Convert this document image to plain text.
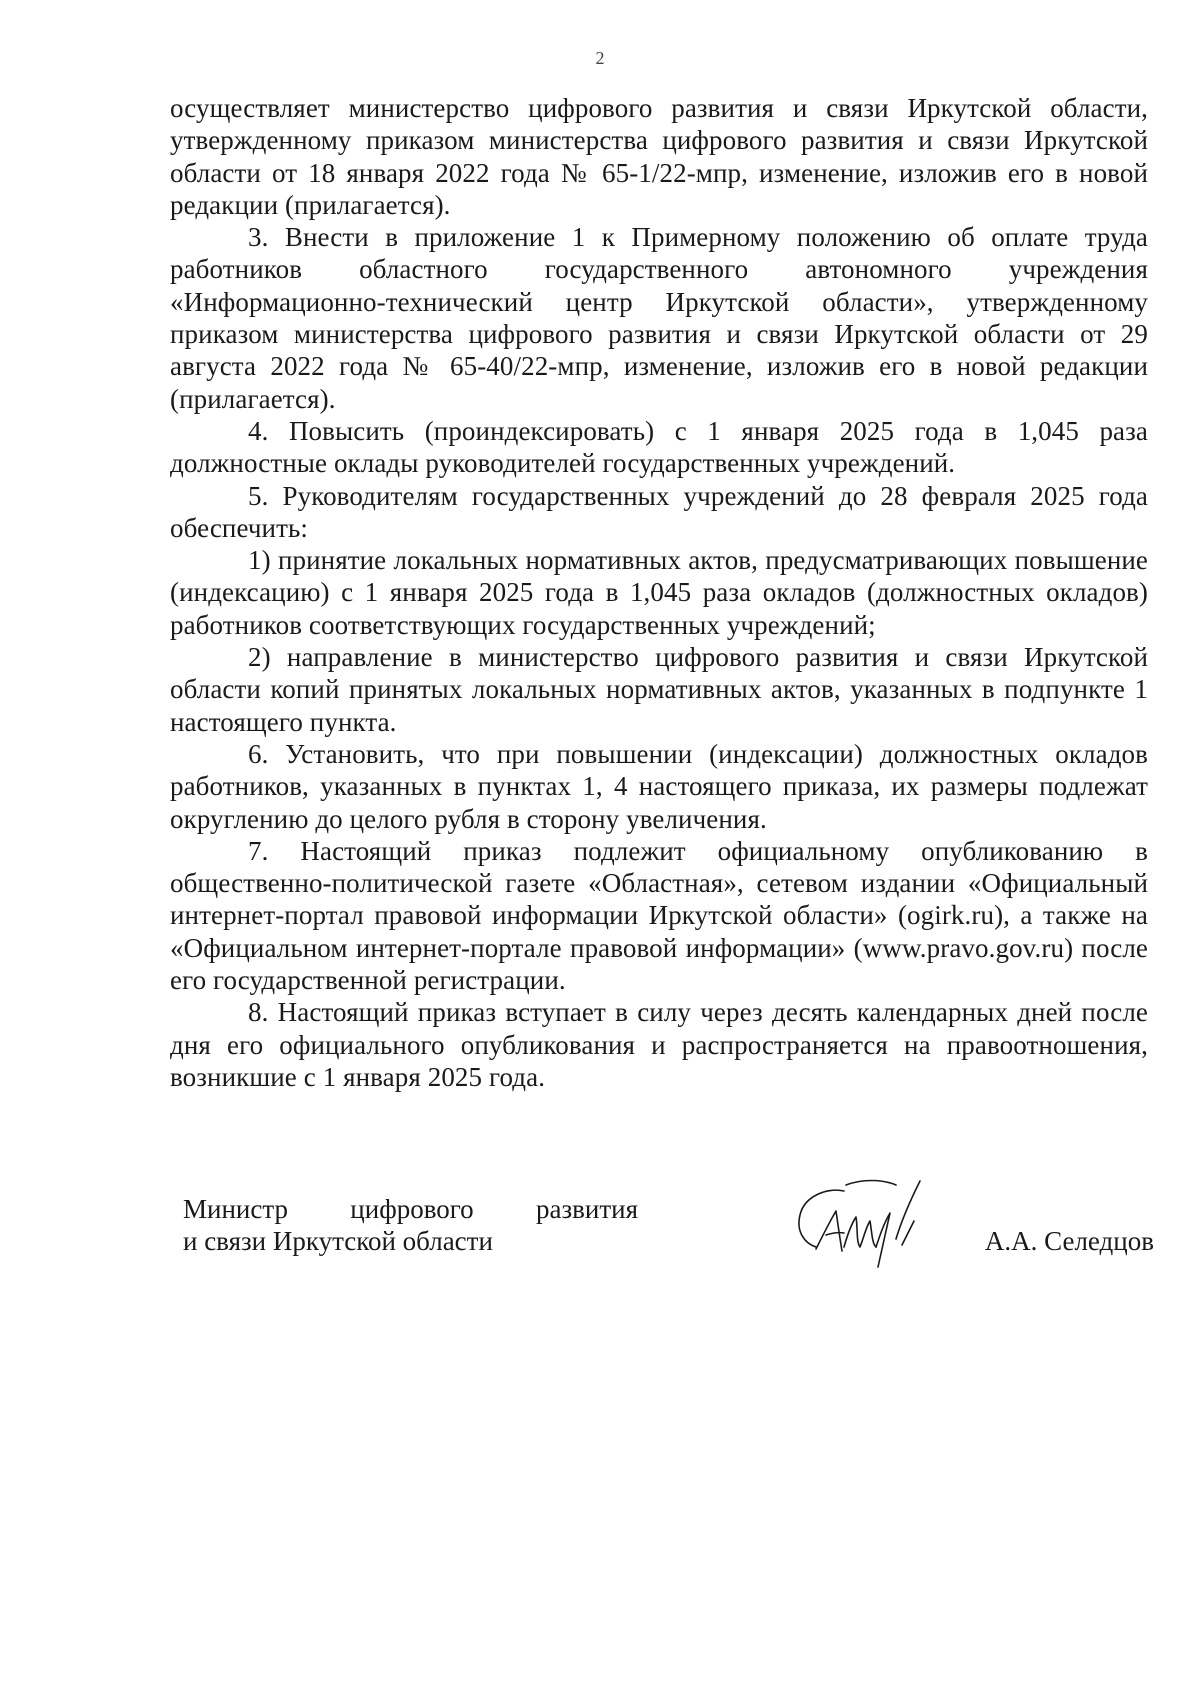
2

осуществляет министерство цифрового развития и связи Иркутской области, утвержденному приказом министерства цифрового развития и связи Иркутской области от 18 января 2022 года № 65-1/22-мпр, изменение, изложив его в новой редакции (прилагается).

3. Внести в приложение 1 к Примерному положению об оплате труда работников областного государственного автономного учреждения «Информационно-технический центр Иркутской области», утвержденному приказом министерства цифрового развития и связи Иркутской области от 29 августа 2022 года № 65-40/22-мпр, изменение, изложив его в новой редакции (прилагается).

4. Повысить (проиндексировать) с 1 января 2025 года в 1,045 раза должностные оклады руководителей государственных учреждений.

5. Руководителям государственных учреждений до 28 февраля 2025 года обеспечить:

1) принятие локальных нормативных актов, предусматривающих повышение (индексацию) с 1 января 2025 года в 1,045 раза окладов (должностных окладов) работников соответствующих государственных учреждений;

2) направление в министерство цифрового развития и связи Иркутской области копий принятых локальных нормативных актов, указанных в подпункте 1 настоящего пункта.

6. Установить, что при повышении (индексации) должностных окладов работников, указанных в пунктах 1, 4 настоящего приказа, их размеры подлежат округлению до целого рубля в сторону увеличения.

7. Настоящий приказ подлежит официальному опубликованию в общественно-политической газете «Областная», сетевом издании «Официальный интернет-портал правовой информации Иркутской области» (ogirk.ru), а также на «Официальном интернет-портале правовой информации» (www.pravo.gov.ru) после его государственной регистрации.

8. Настоящий приказ вступает в силу через десять календарных дней после дня его официального опубликования и распространяется на правоотношения, возникшие с 1 января 2025 года.

Министр цифрового развития
и связи Иркутской области	А.А. Селедцов
